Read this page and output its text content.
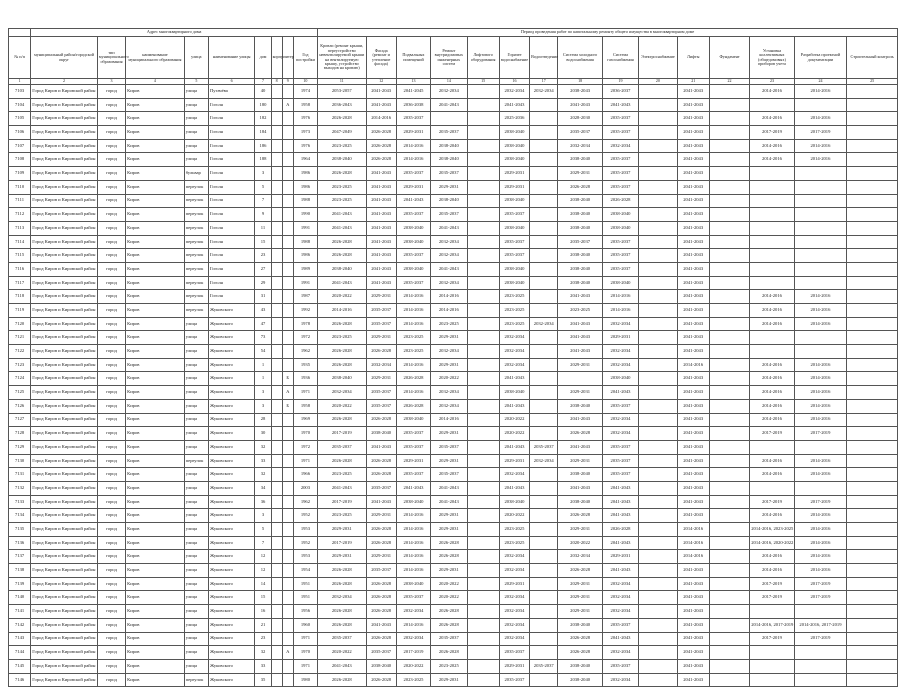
	Адрес многоквартирного дома									Период проведения работ по капитальному ремонту общего имущества в многоквартирном доме														
№ п/п	муниципальный район/городской округ	тип муниципального образования	наименование муниципального образования	улица	наименование улицы	дом	корпус	литер	Год постройки	Кровли (ремонт крыши, переустройство невентилируемой крыши на вентилируемую крышу, устройство выходов на кровлю)	Фасада (ремонт и утепление фасада)	Подвальных помещений	Ремонт внутридомовых инженерных систем	Лифтового оборудования	Горячее водоснабжение	Водоотведение	Система холодного водоснабжения	Система газоснабжения	Электроснабжение	Лифты	Фундамент	Установка коллективных (общедомовых) приборов учета	Разработка проектной документации	Строительный контроль
1	2	3	4	5	6	7	8	9	10	11	12	13	14	15	16	17	18	19	20	21	22	23	24	25
7103	Город Киров и Кировской район	город	Киров	улица	Пугачёва	40			1974	2053-2057	2041-2043	2041-2045	2032-2034		2032-2034	2032-2034	2038-2043	2036-2037		2041-2043		2014-2016	2014-2016	
7104	Город Киров и Кировской район	город	Киров	улица	Гоголя	180		А	1958	2036-2043	2041-2043	2036-2038	2041-2043		2041-2043		2041-2043	2041-2043		2041-2043				
7105	Город Киров и Кировской район	город	Киров	улица	Гоголя	182			1976	2026-2028	2014-2016	2035-2037			2025-2036		2028-2030	2035-2037		2041-2043		2014-2016	2014-2016	
7106	Город Киров и Кировской район	город	Киров	улица	Гоголя	184			1973	2047-2049	2026-2028	2029-2031	2035-2037		2038-2040		2035-2037	2035-2037		2041-2043		2017-2019	2017-2019	
7107	Город Киров и Кировской район	город	Киров	улица	Гоголя	186			1976	2023-2025	2026-2028	2014-2016	2038-2040		2038-2040		2032-2034	2032-2034		2041-2043		2014-2016	2014-2016	
7108	Город Киров и Кировской район	город	Киров	улица	Гоголя	188			1964	2038-2040	2026-2028	2014-2016	2038-2040		2038-2040		2038-2040	2035-2037		2041-2043		2014-2016	2014-2016	
7109	Город Киров и Кировской район	город	Киров	бульвар	Гоголя	3			1986	2026-2028	2041-2043	2035-2037	2035-2037		2029-2031		2029-2031	2035-2037		2041-2043				
7110	Город Киров и Кировской район	город	Киров	переулок	Гоголя	5			1986	2023-2025	2041-2043	2029-2031	2029-2031		2029-2031		2026-2028	2035-2037		2041-2043				
7111	Город Киров и Кировской район	город	Киров	переулок	Гоголя	7			1988	2023-2025	2041-2043	2041-2043	2038-2040		2038-2040		2038-2040	2026-2028		2041-2043				
7112	Город Киров и Кировской район	город	Киров	переулок	Гоголя	9			1990	2041-2043	2041-2043	2035-2037	2035-2037		2035-2037		2038-2040	2038-2040		2041-2043				
7113	Город Киров и Кировской район	город	Киров	переулок	Гоголя	11			1991	2041-2043	2041-2043	2038-2040	2041-2043		2038-2040		2038-2040	2038-2040		2041-2043				
7114	Город Киров и Кировской район	город	Киров	переулок	Гоголя	15			1988	2026-2028	2041-2043	2038-2040	2032-2034		2035-2037		2035-2037	2035-2037		2041-2043				
7115	Город Киров и Кировской район	город	Киров	переулок	Гоголя	23			1986	2026-2028	2041-2043	2035-2037	2032-2034		2035-2037		2038-2040	2035-2037		2041-2043				
7116	Город Киров и Кировской район	город	Киров	переулок	Гоголя	27			1989	2038-2040	2041-2043	2038-2040	2041-2043		2038-2040		2038-2040	2035-2037		2041-2043				
7117	Город Киров и Кировской район	город	Киров	переулок	Гоголя	29			1991	2041-2043	2041-2043	2035-2037	2032-2034		2038-2040		2038-2040	2038-2040		2041-2043				
7118	Город Киров и Кировской район	город	Киров	переулок	Гоголя	31			1987	2020-2022	2029-2031	2014-2016	2014-2016		2023-2025		2041-2043	2014-2016		2041-2043		2014-2016	2014-2016	
7119	Город Киров и Кировской район	город	Киров	переулок	Жуковского	43			1992	2014-2016	2035-2037	2014-2016	2014-2016		2023-2025		2023-2025	2014-2016		2041-2043		2014-2016	2014-2016	
7120	Город Киров и Кировской район	город	Киров	улица	Жуковского	47			1978	2026-2028	2035-2037	2014-2016	2023-2025		2023-2025	2032-2034	2041-2043	2032-2034		2041-2043		2014-2016	2014-2016	
7121	Город Киров и Кировской район	город	Киров	улица	Жуковского	73			1972	2023-2025	2029-2031	2023-2025	2029-2031		2032-2034		2041-2043	2029-2031		2041-2043				
7122	Город Киров и Кировской район	город	Киров	улица	Жуковского	54			1962	2026-2028	2026-2028	2023-2025	2032-2034		2032-2034		2041-2043	2032-2034		2041-2043				
7123	Город Киров и Кировской район	город	Киров	улица	Жуковского	1			1935	2026-2028	2032-2034	2014-2016	2029-2031		2032-2034		2029-2031	2032-2034		2014-2016		2014-2016	2014-2016	
7124	Город Киров и Кировской район	город	Киров	улица	Жуковского	1		Б	1936	2038-2040	2029-2031	2026-2028	2020-2022		2041-2043			2038-2040		2041-2043		2014-2016	2014-2016	
7125	Город Киров и Кировской район	город	Киров	улица	Жуковского	3		А	1971	2032-2034	2035-2037	2014-2016	2032-2034		2038-2040		2029-2031	2041-2043		2041-2043		2014-2016	2014-2016	
7126	Город Киров и Кировской район	город	Киров	улица	Жуковского	3		Б	1958	2020-2022	2035-2037	2026-2028	2032-2034		2041-2043		2038-2040	2035-2037		2041-2043		2014-2016	2014-2016	
7127	Город Киров и Кировской район	город	Киров	улица	Жуковского	28			1969	2026-2028	2026-2028	2038-2040	2014-2016		2020-2022		2041-2043	2032-2034		2041-2043		2014-2016	2014-2016	
7128	Город Киров и Кировской район	город	Киров	улица	Жуковского	30			1970	2017-2019	2038-2040	2035-2037	2029-2031		2020-2022		2026-2028	2032-2034		2041-2043		2017-2019	2017-2019	
7129	Город Киров и Кировской район	город	Киров	улица	Жуковского	32			1972	2035-2037	2041-2043	2035-2037	2035-2037		2041-2043	2035-2037	2041-2043	2035-2037		2041-2043				
7130	Город Киров и Кировской район	город	Киров	переулок	Жуковского	33			1971	2026-2028	2026-2028	2029-2031	2029-2031		2029-2031	2032-2034	2029-2031	2035-2037		2041-2043		2014-2016	2014-2016	
7131	Город Киров и Кировской район	город	Киров	улица	Жуковского	32			1966	2023-2025	2026-2028	2035-2037	2035-2037		2032-2034		2038-2040	2035-2037		2041-2043		2014-2016	2014-2016	
7132	Город Киров и Кировской район	город	Киров	улица	Жуковского	34			2003	2041-2043	2035-2037	2041-2043	2041-2043		2041-2043		2041-2043	2041-2043		2041-2043				
7133	Город Киров и Кировской район	город	Киров	улица	Жуковского	36			1962	2017-2019	2041-2043	2038-2040	2041-2043		2038-2040		2038-2040	2041-2043		2041-2043		2017-2019	2017-2019	
7134	Город Киров и Кировской район	город	Киров	улица	Жуковского	3			1952	2023-2025	2029-2031	2014-2016	2029-2031		2020-2022		2026-2028	2041-2043		2041-2043		2014-2016	2014-2016	
7135	Город Киров и Кировской район	город	Киров	улица	Жуковского	5			1953	2029-2031	2026-2028	2014-2016	2029-2031		2023-2025		2029-2031	2026-2028		2014-2016		2014-2016, 2023-2025	2014-2016	
7136	Город Киров и Кировской район	город	Киров	улица	Жуковского	7			1952	2017-2019	2026-2028	2014-2016	2026-2028		2023-2025		2020-2022	2041-2043		2014-2016		2014-2016, 2020-2022	2014-2016	
7137	Город Киров и Кировской район	город	Киров	улица	Жуковского	12			1953	2029-2031	2029-2031	2014-2016	2026-2028		2032-2034		2032-2034	2029-2031		2014-2016		2014-2016	2014-2016	
7138	Город Киров и Кировской район	город	Киров	улица	Жуковского	12			1954	2026-2028	2035-2037	2014-2016	2029-2031		2032-2034		2026-2028	2041-2043		2041-2043		2014-2016	2014-2016	
7139	Город Киров и Кировской район	город	Киров	улица	Жуковского	14			1951	2026-2028	2026-2028	2038-2040	2020-2022		2029-2031		2029-2031	2032-2034		2041-2043		2017-2019	2017-2019	
7140	Город Киров и Кировской район	город	Киров	улица	Жуковского	15			1951	2032-2034	2026-2028	2035-2037	2020-2022		2032-2034		2029-2031	2032-2034		2041-2043		2017-2019	2017-2019	
7141	Город Киров и Кировской район	город	Киров	улица	Жуковского	16			1956	2026-2028	2026-2028	2032-2034	2026-2028		2032-2034		2029-2031	2032-2034		2041-2043				
7142	Город Киров и Кировской район	город	Киров	улица	Жуковского	21			1960	2026-2028	2041-2043	2014-2016	2026-2028		2032-2034		2038-2040	2035-2037		2041-2043		2014-2016, 2017-2019	2014-2016, 2017-2019	
7143	Город Киров и Кировской район	город	Киров	улица	Жуковского	23			1971	2035-2037	2026-2028	2032-2034	2035-2037		2032-2034		2026-2028	2041-2043		2041-2043		2017-2019	2017-2019	
7144	Город Киров и Кировской район	город	Киров	улица	Жуковского	32		А	1970	2020-2022	2035-2037	2017-2019	2026-2028		2035-2037		2026-2028	2032-2034		2041-2043				
7145	Город Киров и Кировской район	город	Киров	улица	Жуковского	33			1971	2041-2043	2038-2040	2020-2022	2023-2025		2029-2031	2035-2037	2038-2040	2035-2037		2041-2043				
7146	Город Киров и Кировской район	город	Киров	переулок	Жуковского	35			1980	2026-2028	2026-2028	2023-2025	2029-2031		2035-2037		2038-2040	2032-2034		2041-2043				
